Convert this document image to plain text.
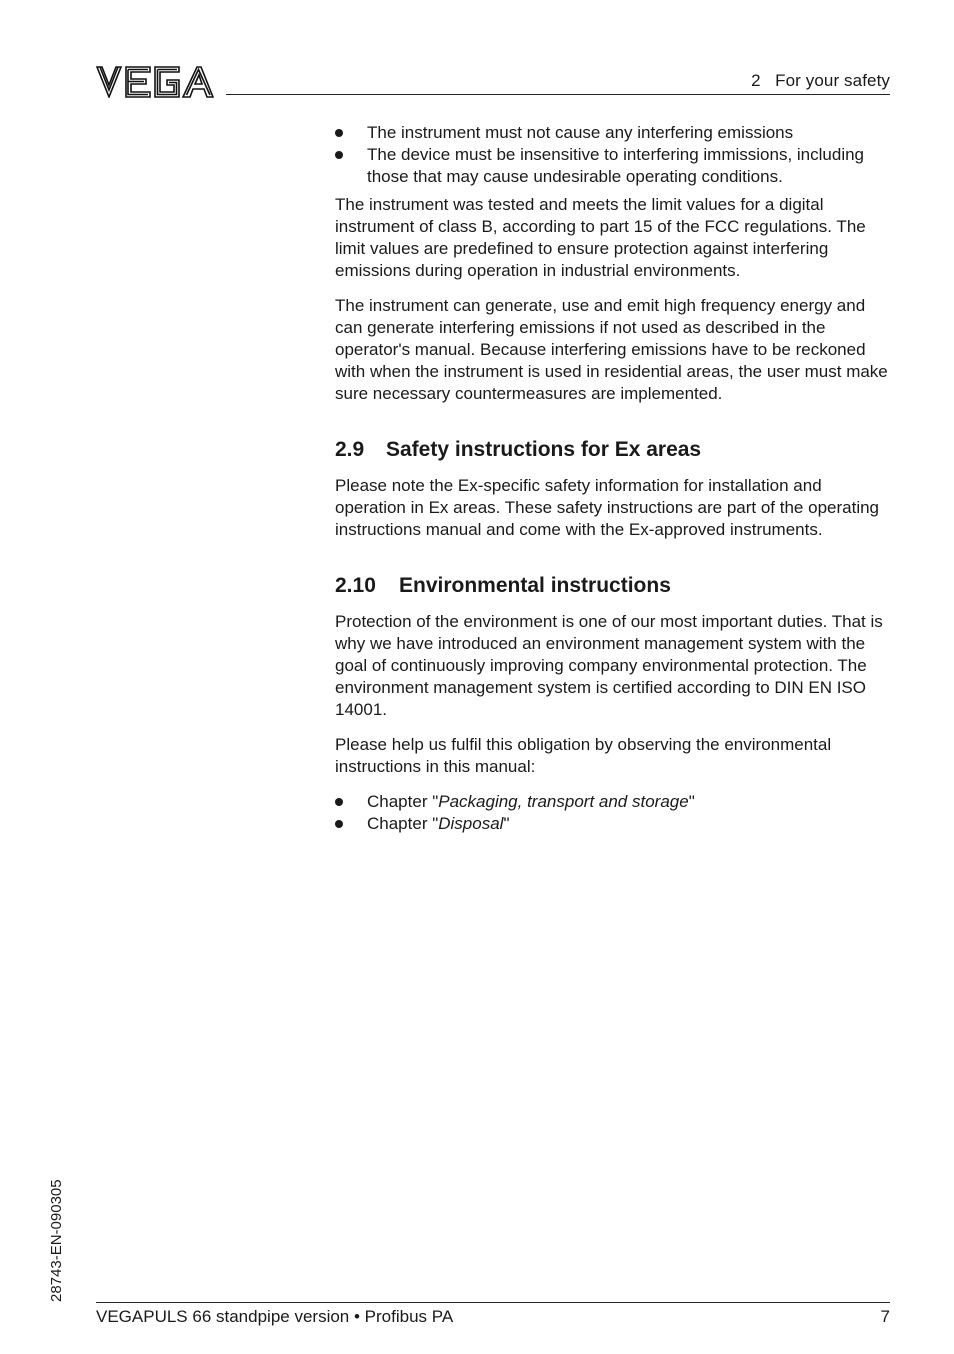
2   For your safety
The instrument must not cause any interfering emissions
The device must be insensitive to interfering immissions, including those that may cause undesirable operating conditions.

The instrument was tested and meets the limit values for a digital instrument of class B, according to part 15 of the FCC regulations. The limit values are predefined to ensure protection against interfering emissions during operation in industrial environments.

The instrument can generate, use and emit high frequency energy and can generate interfering emissions if not used as described in the operator's manual. Because interfering emissions have to be reckoned with when the instrument is used in residential areas, the user must make sure necessary countermeasures are implemented.

2.9 Safety instructions for Ex areas

Please note the Ex-specific safety information for installation and operation in Ex areas. These safety instructions are part of the operating instructions manual and come with the Ex-approved instruments.

2.10 Environmental instructions

Protection of the environment is one of our most important duties. That is why we have introduced an environment management system with the goal of continuously improving company environmental protection. The environment management system is certified according to DIN EN ISO 14001.

Please help us fulfil this obligation by observing the environmental instructions in this manual:

Chapter "Packaging, transport and storage"
Chapter "Disposal"
28743-EN-090305
VEGAPULS 66 standpipe version • Profibus PA	7
